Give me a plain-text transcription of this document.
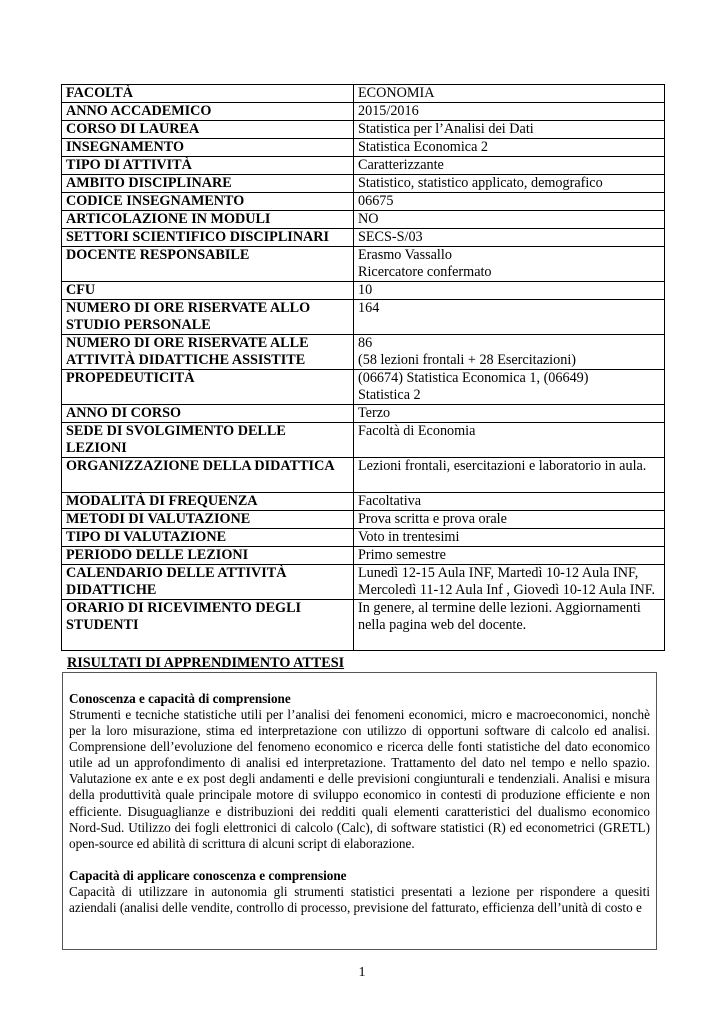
FACOLTÀ	ECONOMIA
ANNO ACCADEMICO	2015/2016
CORSO DI LAUREA	Statistica per l’Analisi dei Dati
INSEGNAMENTO	Statistica Economica 2
TIPO DI ATTIVITÀ	Caratterizzante
AMBITO DISCIPLINARE	Statistico, statistico applicato, demografico
CODICE INSEGNAMENTO	06675
ARTICOLAZIONE IN MODULI	NO
SETTORI SCIENTIFICO DISCIPLINARI	SECS-S/03
DOCENTE RESPONSABILE	Erasmo Vassallo
Ricercatore confermato
CFU	10
NUMERO DI ORE RISERVATE ALLO STUDIO PERSONALE	164
NUMERO DI ORE RISERVATE ALLE ATTIVITÀ DIDATTICHE ASSISTITE	86
(58 lezioni frontali + 28 Esercitazioni)
PROPEDEUTICITÀ	(06674) Statistica Economica 1, (06649)
Statistica 2
ANNO DI CORSO	Terzo
SEDE DI SVOLGIMENTO DELLE LEZIONI	Facoltà di Economia
ORGANIZZAZIONE DELLA DIDATTICA	Lezioni frontali, esercitazioni e laboratorio in aula.
MODALITÀ DI FREQUENZA	Facoltativa
METODI DI VALUTAZIONE	Prova scritta e prova orale
TIPO DI VALUTAZIONE	Voto in trentesimi
PERIODO DELLE LEZIONI	Primo semestre
CALENDARIO DELLE ATTIVITÀ DIDATTICHE	Lunedì 12-15 Aula INF, Martedì 10-12 Aula INF,
Mercoledì 11-12 Aula Inf , Giovedì 10-12 Aula INF.
ORARIO DI RICEVIMENTO DEGLI STUDENTI	In genere, al termine delle lezioni. Aggiornamenti
nella pagina web del docente.
RISULTATI DI APPRENDIMENTO ATTESI
Conoscenza e capacità di comprensione

Strumenti e tecniche statistiche utili per l’analisi dei fenomeni economici, micro e macroeconomici, nonchè per la loro misurazione, stima ed interpretazione con utilizzo di opportuni software di calcolo ed analisi. Comprensione dell’evoluzione del fenomeno economico e ricerca delle fonti statistiche del dato economico utile ad un approfondimento di analisi ed interpretazione. Trattamento del dato nel tempo e nello spazio. Valutazione ex ante e ex post degli andamenti e delle previsioni congiunturali e tendenziali. Analisi e misura della produttività quale principale motore di sviluppo economico in contesti di produzione efficiente e non efficiente. Disuguaglianze e distribuzioni dei redditi quali elementi caratteristici del dualismo economico Nord-Sud. Utilizzo dei fogli elettronici di calcolo (Calc), di software statistici (R) ed econometrici (GRETL) open-source ed abilità di scrittura di alcuni script di elaborazione.

Capacità di applicare conoscenza e comprensione

Capacità di utilizzare in autonomia gli strumenti statistici presentati a lezione per rispondere a quesiti aziendali (analisi delle vendite, controllo di processo, previsione del fatturato, efficienza dell’unità di costo e

1
